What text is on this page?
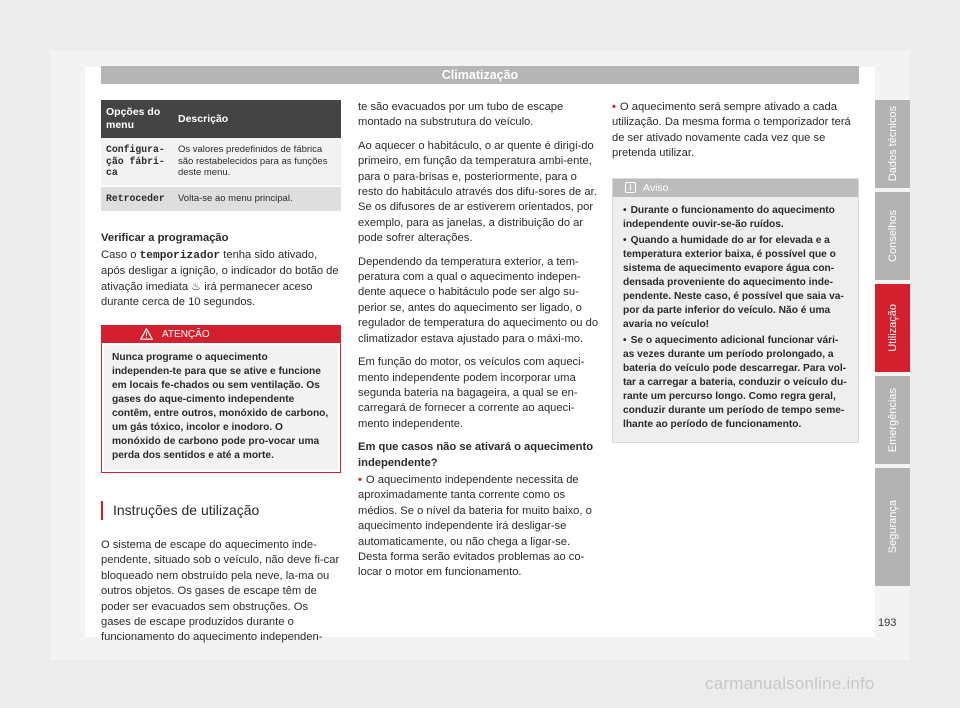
Climatização
Opções do menu	Descrição
Configura-ção fábri-ca	Os valores predefinidos de fábrica são restabelecidos para as funções deste menu.
Retroceder	Volta-se ao menu principal.
Verificar a programação

Caso o temporizador tenha sido ativado, após desligar a ignição, o indicador do botão de ativação imediata ♨ irá permanecer aceso durante cerca de 10 segundos.

ATENÇÃO
Nunca programe o aquecimento independen-te para que se ative e funcione em locais fe-chados ou sem ventilação. Os gases do aque-cimento independente contêm, entre outros, monóxido de carbono, um gás tóxico, incolor e inodoro. O monóxido de carbono pode pro-vocar uma perda dos sentidos e até a morte.
Instruções de utilização

O sistema de escape do aquecimento inde-pendente, situado sob o veículo, não deve fi-car bloqueado nem obstruído pela neve, la-ma ou outros objetos. Os gases de escape têm de poder ser evacuados sem obstruções. Os gases de escape produzidos durante o funcionamento do aquecimento independen-

te são evacuados por um tubo de escape montado na substrutura do veículo.

Ao aquecer o habitáculo, o ar quente é dirigi-do primeiro, em função da temperatura ambi-ente, para o para-brisas e, posteriormente, para o resto do habitáculo através dos difu-sores de ar. Se os difusores de ar estiverem orientados, por exemplo, para as janelas, a distribuição do ar pode sofrer alterações.

Dependendo da temperatura exterior, a tem-peratura com a qual o aquecimento indepen-dente aquece o habitáculo pode ser algo su-perior se, antes do aquecimento ser ligado, o regulador de temperatura do aquecimento ou do climatizador estava ajustado para o máxi-mo.

Em função do motor, os veículos com aqueci-mento independente podem incorporar uma segunda bateria na bagageira, a qual se en-carregará de fornecer a corrente ao aqueci-mento independente.

Em que casos não se ativará o aquecimento independente?

• O aquecimento independente necessita de aproximadamente tanta corrente como os médios. Se o nível da bateria for muito baixo, o aquecimento independente irá desligar-se automaticamente, ou não chega a ligar-se. Desta forma serão evitados problemas ao co-locar o motor em funcionamento.

• O aquecimento será sempre ativado a cada utilização. Da mesma forma o temporizador terá de ser ativado novamente cada vez que se pretenda utilizar.

i	Aviso

• Durante o funcionamento do aquecimento independente ouvir-se-ão ruídos.

• Quando a humidade do ar for elevada e a temperatura exterior baixa, é possível que o sistema de aquecimento evapore água con-densada proveniente do aquecimento inde-pendente. Neste caso, é possível que saia va-por da parte inferior do veículo. Não é uma avaria no veículo!

• Se o aquecimento adicional funcionar vári-as vezes durante um período prolongado, a bateria do veículo pode descarregar. Para vol-tar a carregar a bateria, conduzir o veículo du-rante um percurso longo. Como regra geral, conduzir durante um período de tempo seme-lhante ao período de funcionamento.

Dados técnicos
Conselhos
Utilização
Emergências
Segurança
193
carmanualsonline.info
